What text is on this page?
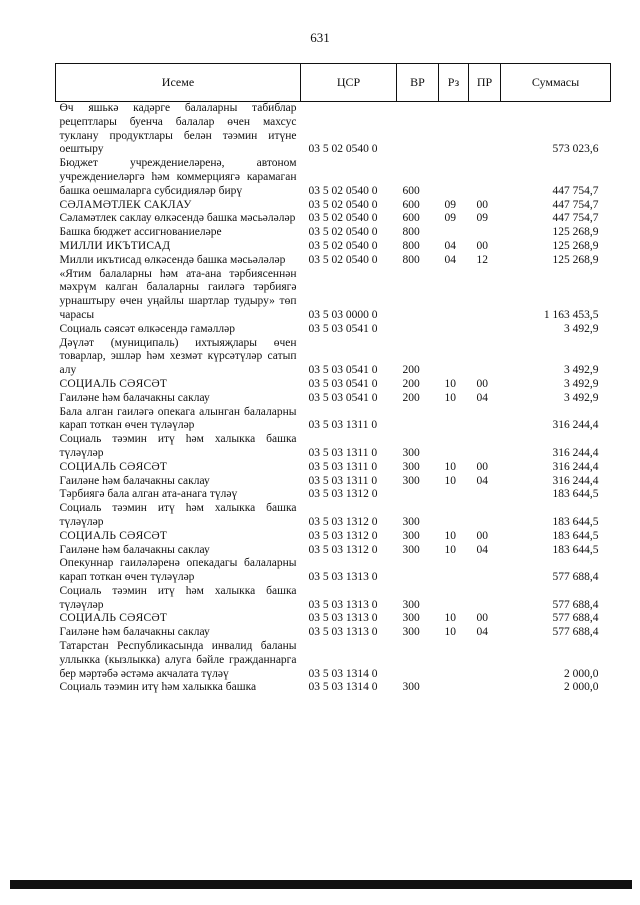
631
Исеме	ЦСР	ВР	Рз	ПР	Суммасы
Өч яшькә кадәрге балаларны табиблар рецептлары буенча балалар өчен махсус туклану продуктлары белән тәэмин итүне оештыру	03 5 02 0540 0				573 023,6
Бюджет учреждениеләренә, автоном учреждениеләргә һәм коммерциягә карамаган башка оешмаларга субсидияләр бирү	03 5 02 0540 0	600			447 754,7
СӘЛАМӘТЛЕК САКЛАУ	03 5 02 0540 0	600	09	00	447 754,7
Сәламәтлек саклау өлкәсендә башка мәсьәләләр	03 5 02 0540 0	600	09	09	447 754,7
Башка бюджет ассигнованиеләре	03 5 02 0540 0	800			125 268,9
МИЛЛИ ИКЪТИСАД	03 5 02 0540 0	800	04	00	125 268,9
Милли икътисад өлкәсендә башка мәсьәләләр	03 5 02 0540 0	800	04	12	125 268,9
«Ятим балаларны һәм ата-ана тәрбиясеннән мәхрүм калган балаларны гаиләгә тәрбиягә урнаштыру өчен уңайлы шартлар тудыру» төп чарасы	03 5 03 0000 0				1 163 453,5
Социаль сәясәт өлкәсендә гамәлләр	03 5 03 0541 0				3 492,9
Дәүләт (муниципаль) ихтыяҗлары өчен товарлар, эшләр һәм хезмәт күрсәтүләр сатып алу	03 5 03 0541 0	200			3 492,9
СОЦИАЛЬ СӘЯСӘТ	03 5 03 0541 0	200	10	00	3 492,9
Гаиләне һәм балачакны саклау	03 5 03 0541 0	200	10	04	3 492,9
Бала алган гаиләгә опекага алынган балаларны карап тоткан өчен түләүләр	03 5 03 1311 0				316 244,4
Социаль тәэмин итү һәм халыкка башка түләүләр	03 5 03 1311 0	300			316 244,4
СОЦИАЛЬ СӘЯСӘТ	03 5 03 1311 0	300	10	00	316 244,4
Гаиләне һәм балачакны саклау	03 5 03 1311 0	300	10	04	316 244,4
Тәрбиягә бала алган ата-анага түләү	03 5 03 1312 0				183 644,5
Социаль тәэмин итү һәм халыкка башка түләүләр	03 5 03 1312 0	300			183 644,5
СОЦИАЛЬ СӘЯСӘТ	03 5 03 1312 0	300	10	00	183 644,5
Гаиләне һәм балачакны саклау	03 5 03 1312 0	300	10	04	183 644,5
Опекуннар гаиләләренә опекадагы балаларны карап тоткан өчен түләүләр	03 5 03 1313 0				577 688,4
Социаль тәэмин итү һәм халыкка башка түләүләр	03 5 03 1313 0	300			577 688,4
СОЦИАЛЬ СӘЯСӘТ	03 5 03 1313 0	300	10	00	577 688,4
Гаиләне һәм балачакны саклау	03 5 03 1313 0	300	10	04	577 688,4
Татарстан Республикасында инвалид баланы уллыкка (кызлыкка) алуга бәйле гражданнарга бер мәртәбә әстәмә акчалата түләү	03 5 03 1314 0				2 000,0
Социаль тәэмин итү һәм халыкка башка	03 5 03 1314 0	300			2 000,0
